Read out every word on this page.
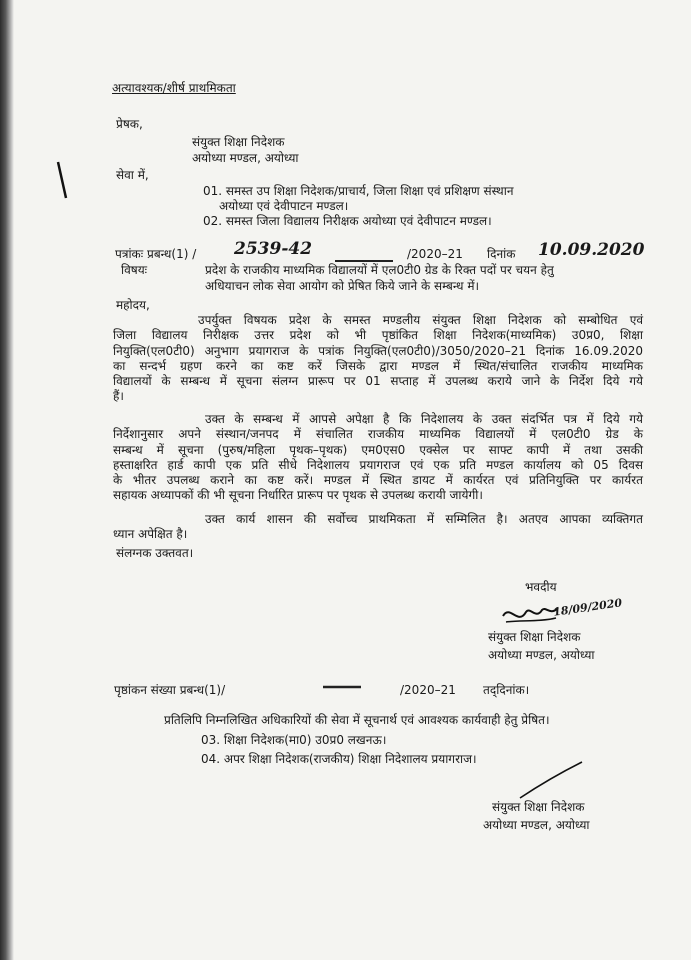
अत्यावश्यक/शीर्ष प्राथमिकता
प्रेषक,
संयुक्त शिक्षा निदेशक
अयोध्या मण्डल, अयोध्या
सेवा में,
01. समस्त उप शिक्षा निदेशक/प्राचार्य, जिला शिक्षा एवं प्रशिक्षण संस्थान
अयोध्या एवं देवीपाटन मण्डल।
02. समस्त जिला विद्यालय निरीक्षक अयोध्या एवं देवीपाटन मण्डल।
पत्रांकः प्रबन्ध(1) / 2539-42	/2020–21 दिनांक 10.09.2020
विषयः	प्रदेश के राजकीय माध्यमिक विद्यालयों में एल0टी0 ग्रेड के रिक्त पदों पर चयन हेतु
अधियाचन लोक सेवा आयोग को प्रेषित किये जाने के सम्बन्ध में।
महोदय,
उपर्युक्त विषयक प्रदेश के समस्त मण्डलीय संयुक्त शिक्षा निदेशक को सम्बोधित एवं
जिला विद्यालय निरीक्षक उत्तर प्रदेश को भी पृष्ठांकित शिक्षा निदेशक(माध्यमिक) उ0प्र0, शिक्षा
नियुक्ति(एल0टी0) अनुभाग प्रयागराज के पत्रांक नियुक्ति(एल0टी0)/3050/2020–21 दिनांक 16.09.2020
का सन्दर्भ ग्रहण करने का कष्ट करें जिसके द्वारा मण्डल में स्थित/संचालित राजकीय माध्यमिक
विद्यालयों के सम्बन्ध में सूचना संलग्न प्रारूप पर 01 सप्ताह में उपलब्ध कराये जाने के निर्देश दिये गये
हैं।
उक्त के सम्बन्ध में आपसे अपेक्षा है कि निदेशालय के उक्त संदर्भित पत्र में दिये गये
निर्देशानुसार अपने संस्थान/जनपद में संचालित राजकीय माध्यमिक विद्यालयों में एल0टी0 ग्रेड के
सम्बन्ध में सूचना (पुरुष/महिला पृथक–पृथक) एम0एस0 एक्सेल पर साफ्ट कापी में तथा उसकी
हस्ताक्षरित हार्ड कापी एक प्रति सीधे निदेशालय प्रयागराज एवं एक प्रति मण्डल कार्यालय को 05 दिवस
के भीतर उपलब्ध कराने का कष्ट करें। मण्डल में स्थित डायट में कार्यरत एवं प्रतिनियुक्ति पर कार्यरत
सहायक अध्यापकों की भी सूचना निर्धारित प्रारूप पर पृथक से उपलब्ध करायी जायेगी।
उक्त कार्य शासन की सर्वोच्च प्राथमिकता में सम्मिलित है। अतएव आपका व्यक्तिगत
ध्यान अपेक्षित है।
संलग्नक उक्तवत।
भवदीय
18/09/2020
संयुक्त शिक्षा निदेशक
अयोध्या मण्डल, अयोध्या
पृष्ठांकन संख्या प्रबन्ध(1)/	/2020–21 तद्‌दिनांक।
प्रतिलिपि निम्नलिखित अधिकारियों की सेवा में सूचनार्थ एवं आवश्यक कार्यवाही हेतु प्रेषित।
03. शिक्षा निदेशक(मा0) उ0प्र0 लखनऊ।
04. अपर शिक्षा निदेशक(राजकीय) शिक्षा निदेशालय प्रयागराज।
संयुक्त शिक्षा निदेशक
अयोध्या मण्डल, अयोध्या
